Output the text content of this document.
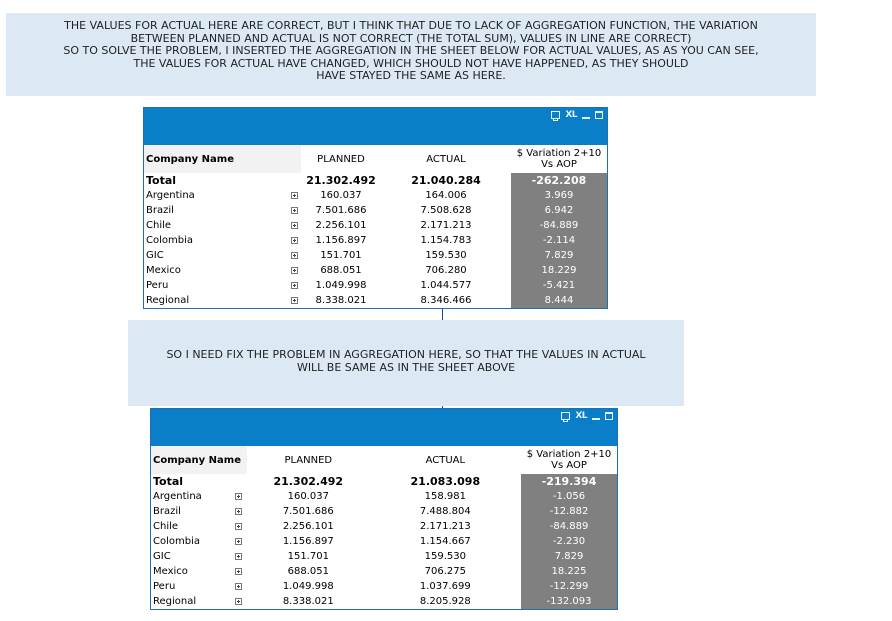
THE VALUES FOR ACTUAL HERE ARE CORRECT, BUT I THINK THAT DUE TO LACK OF AGGREGATION FUNCTION, THE VARIATION
BETWEEN PLANNED AND ACTUAL IS NOT CORRECT (THE TOTAL SUM), VALUES IN LINE ARE CORRECT)
SO TO SOLVE THE PROBLEM, I INSERTED THE AGGREGATION IN THE SHEET BELOW FOR ACTUAL VALUES, AS AS YOU CAN SEE,
THE VALUES FOR ACTUAL HAVE CHANGED, WHICH SHOULD NOT HAVE HAPPENED, AS THEY SHOULD
HAVE STAYED THE SAME AS HERE.
XL
Company Name		PLANNED	ACTUAL	$ Variation 2+10
Vs AOP
Total		21.302.492	21.040.284	-262.208
Argentina		160.037	164.006	3.969
Brazil		7.501.686	7.508.628	6.942
Chile		2.256.101	2.171.213	-84.889
Colombia		1.156.897	1.154.783	-2.114
GIC		151.701	159.530	7.829
Mexico		688.051	706.280	18.229
Peru		1.049.998	1.044.577	-5.421
Regional		8.338.021	8.346.466	8.444
SO I NEED FIX THE PROBLEM IN AGGREGATION HERE, SO THAT THE VALUES IN ACTUAL
WILL BE SAME AS IN THE SHEET ABOVE
XL
Company Name		PLANNED	ACTUAL	$ Variation 2+10
Vs AOP
Total		21.302.492	21.083.098	-219.394
Argentina		160.037	158.981	-1.056
Brazil		7.501.686	7.488.804	-12.882
Chile		2.256.101	2.171.213	-84.889
Colombia		1.156.897	1.154.667	-2.230
GIC		151.701	159.530	7.829
Mexico		688.051	706.275	18.225
Peru		1.049.998	1.037.699	-12.299
Regional		8.338.021	8.205.928	-132.093
